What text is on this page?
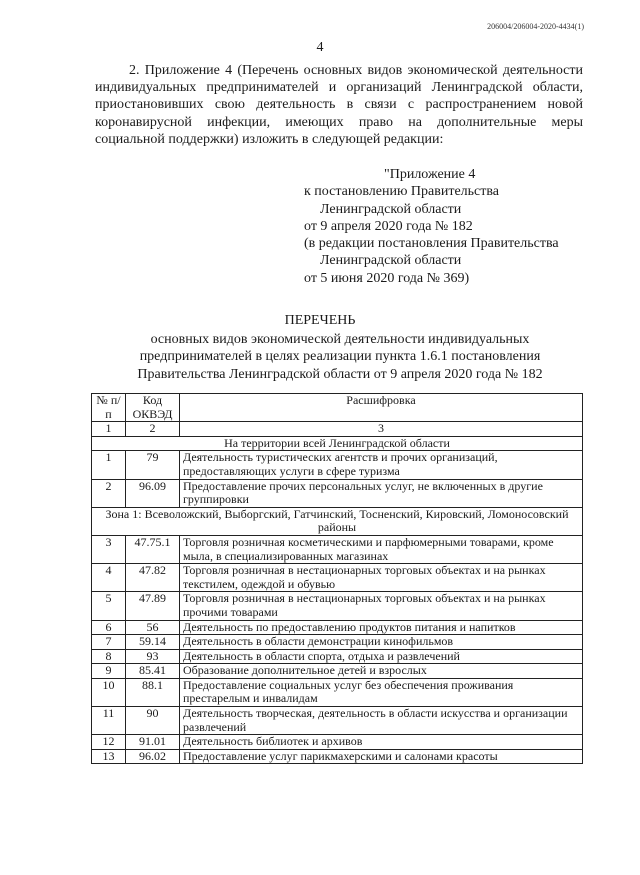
206004/206004-2020-4434(1)
4

2. Приложение 4 (Перечень основных видов экономической деятельности индивидуальных предпринимателей и организаций Ленинградской области, приостановивших свою деятельность в связи с распространением новой коронавирусной инфекции, имеющих право на дополнительные меры социальной поддержки) изложить в следующей редакции:

"Приложение 4
к постановлению Правительства
Ленинградской области
от 9 апреля 2020 года № 182
(в редакции постановления Правительства
Ленинградской области
от 5 июня 2020 года № 369)
ПЕРЕЧЕНЬ
основных видов экономической деятельности индивидуальных
предпринимателей в целях реализации пункта 1.6.1 постановления
Правительства Ленинградской области от 9 апреля 2020 года № 182
№ п/п	Код ОКВЭД	Расшифровка
1	2	3
На территории всей Ленинградской области		
1	79	Деятельность туристических агентств и прочих организаций, предоставляющих услуги в сфере туризма
2	96.09	Предоставление прочих персональных услуг, не включенных в другие группировки
Зона 1: Всеволожский, Выборгский, Гатчинский, Тосненский, Кировский, Ломоносовский районы		
3	47.75.1	Торговля розничная косметическими и парфюмерными товарами, кроме мыла, в специализированных магазинах
4	47.82	Торговля розничная в нестационарных торговых объектах и на рынках текстилем, одеждой и обувью
5	47.89	Торговля розничная в нестационарных торговых объектах и на рынках прочими товарами
6	56	Деятельность по предоставлению продуктов питания и напитков
7	59.14	Деятельность в области демонстрации кинофильмов
8	93	Деятельность в области спорта, отдыха и развлечений
9	85.41	Образование дополнительное детей и взрослых
10	88.1	Предоставление социальных услуг без обеспечения проживания престарелым и инвалидам
11	90	Деятельность творческая, деятельность в области искусства и организации развлечений
12	91.01	Деятельность библиотек и архивов
13	96.02	Предоставление услуг парикмахерскими и салонами красоты
